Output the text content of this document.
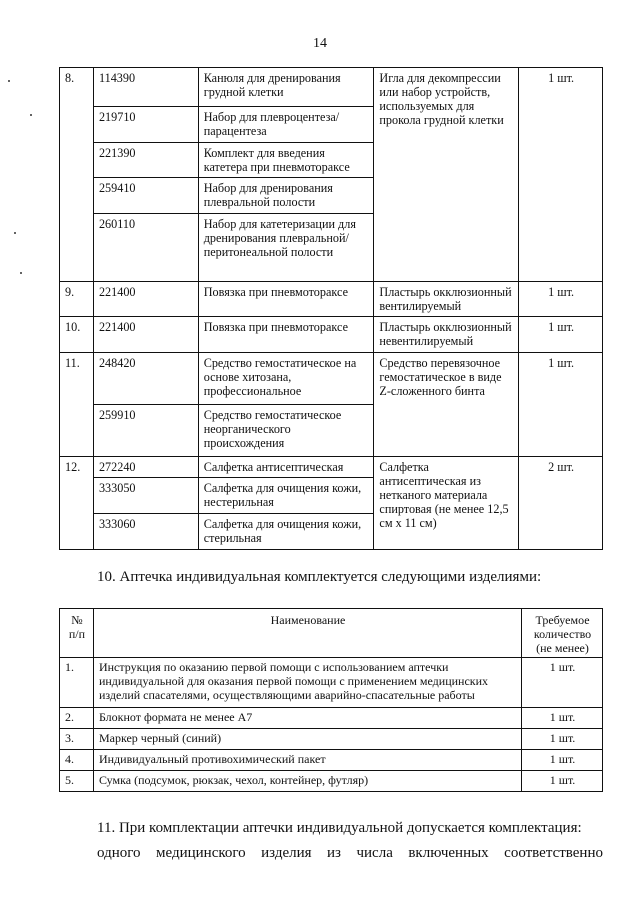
14
8.	114390	Канюля для дренирования грудной клетки	Игла для декомпрессии или набор устройств, используемых для прокола грудной клетки	1 шт.
	219710	Набор для плевроцентеза/парацентеза		
	221390	Комплект для введения катетера при пневмотораксе		
	259410	Набор для дренирования плевральной полости		
	260110	Набор для катетеризации для дренирования плевральной/перитонеальной полости		
9.	221400	Повязка при пневмотораксе	Пластырь окклюзионный вентилируемый	1 шт.
10.	221400	Повязка при пневмотораксе	Пластырь окклюзионный невентилируемый	1 шт.
11.	248420	Средство гемостатическое на основе хитозана, профессиональное	Средство перевязочное гемостатическое в виде Z-сложенного бинта	1 шт.
	259910	Средство гемостатическое неорганического происхождения		
12.	272240	Салфетка антисептическая	Салфетка антисептическая из нетканого материала спиртовая (не менее 12,5 см х 11 см)	2 шт.
	333050	Салфетка для очищения кожи, нестерильная		
	333060	Салфетка для очищения кожи, стерильная		
10. Аптечка индивидуальная комплектуется следующими изделиями:
№ п/п	Наименование	Требуемое количество (не менее)
1.	Инструкция по оказанию первой помощи с использованием аптечки индивидуальной для оказания первой помощи с применением медицинских изделий спасателями, осуществляющими аварийно-спасательные работы	1 шт.
2.	Блокнот формата не менее А7	1 шт.
3.	Маркер черный (синий)	1 шт.
4.	Индивидуальный противохимический пакет	1 шт.
5.	Сумка (подсумок, рюкзак, чехол, контейнер, футляр)	1 шт.
11. При комплектации аптечки индивидуальной допускается комплектация:
одного медицинского изделия из числа включенных соответственно
